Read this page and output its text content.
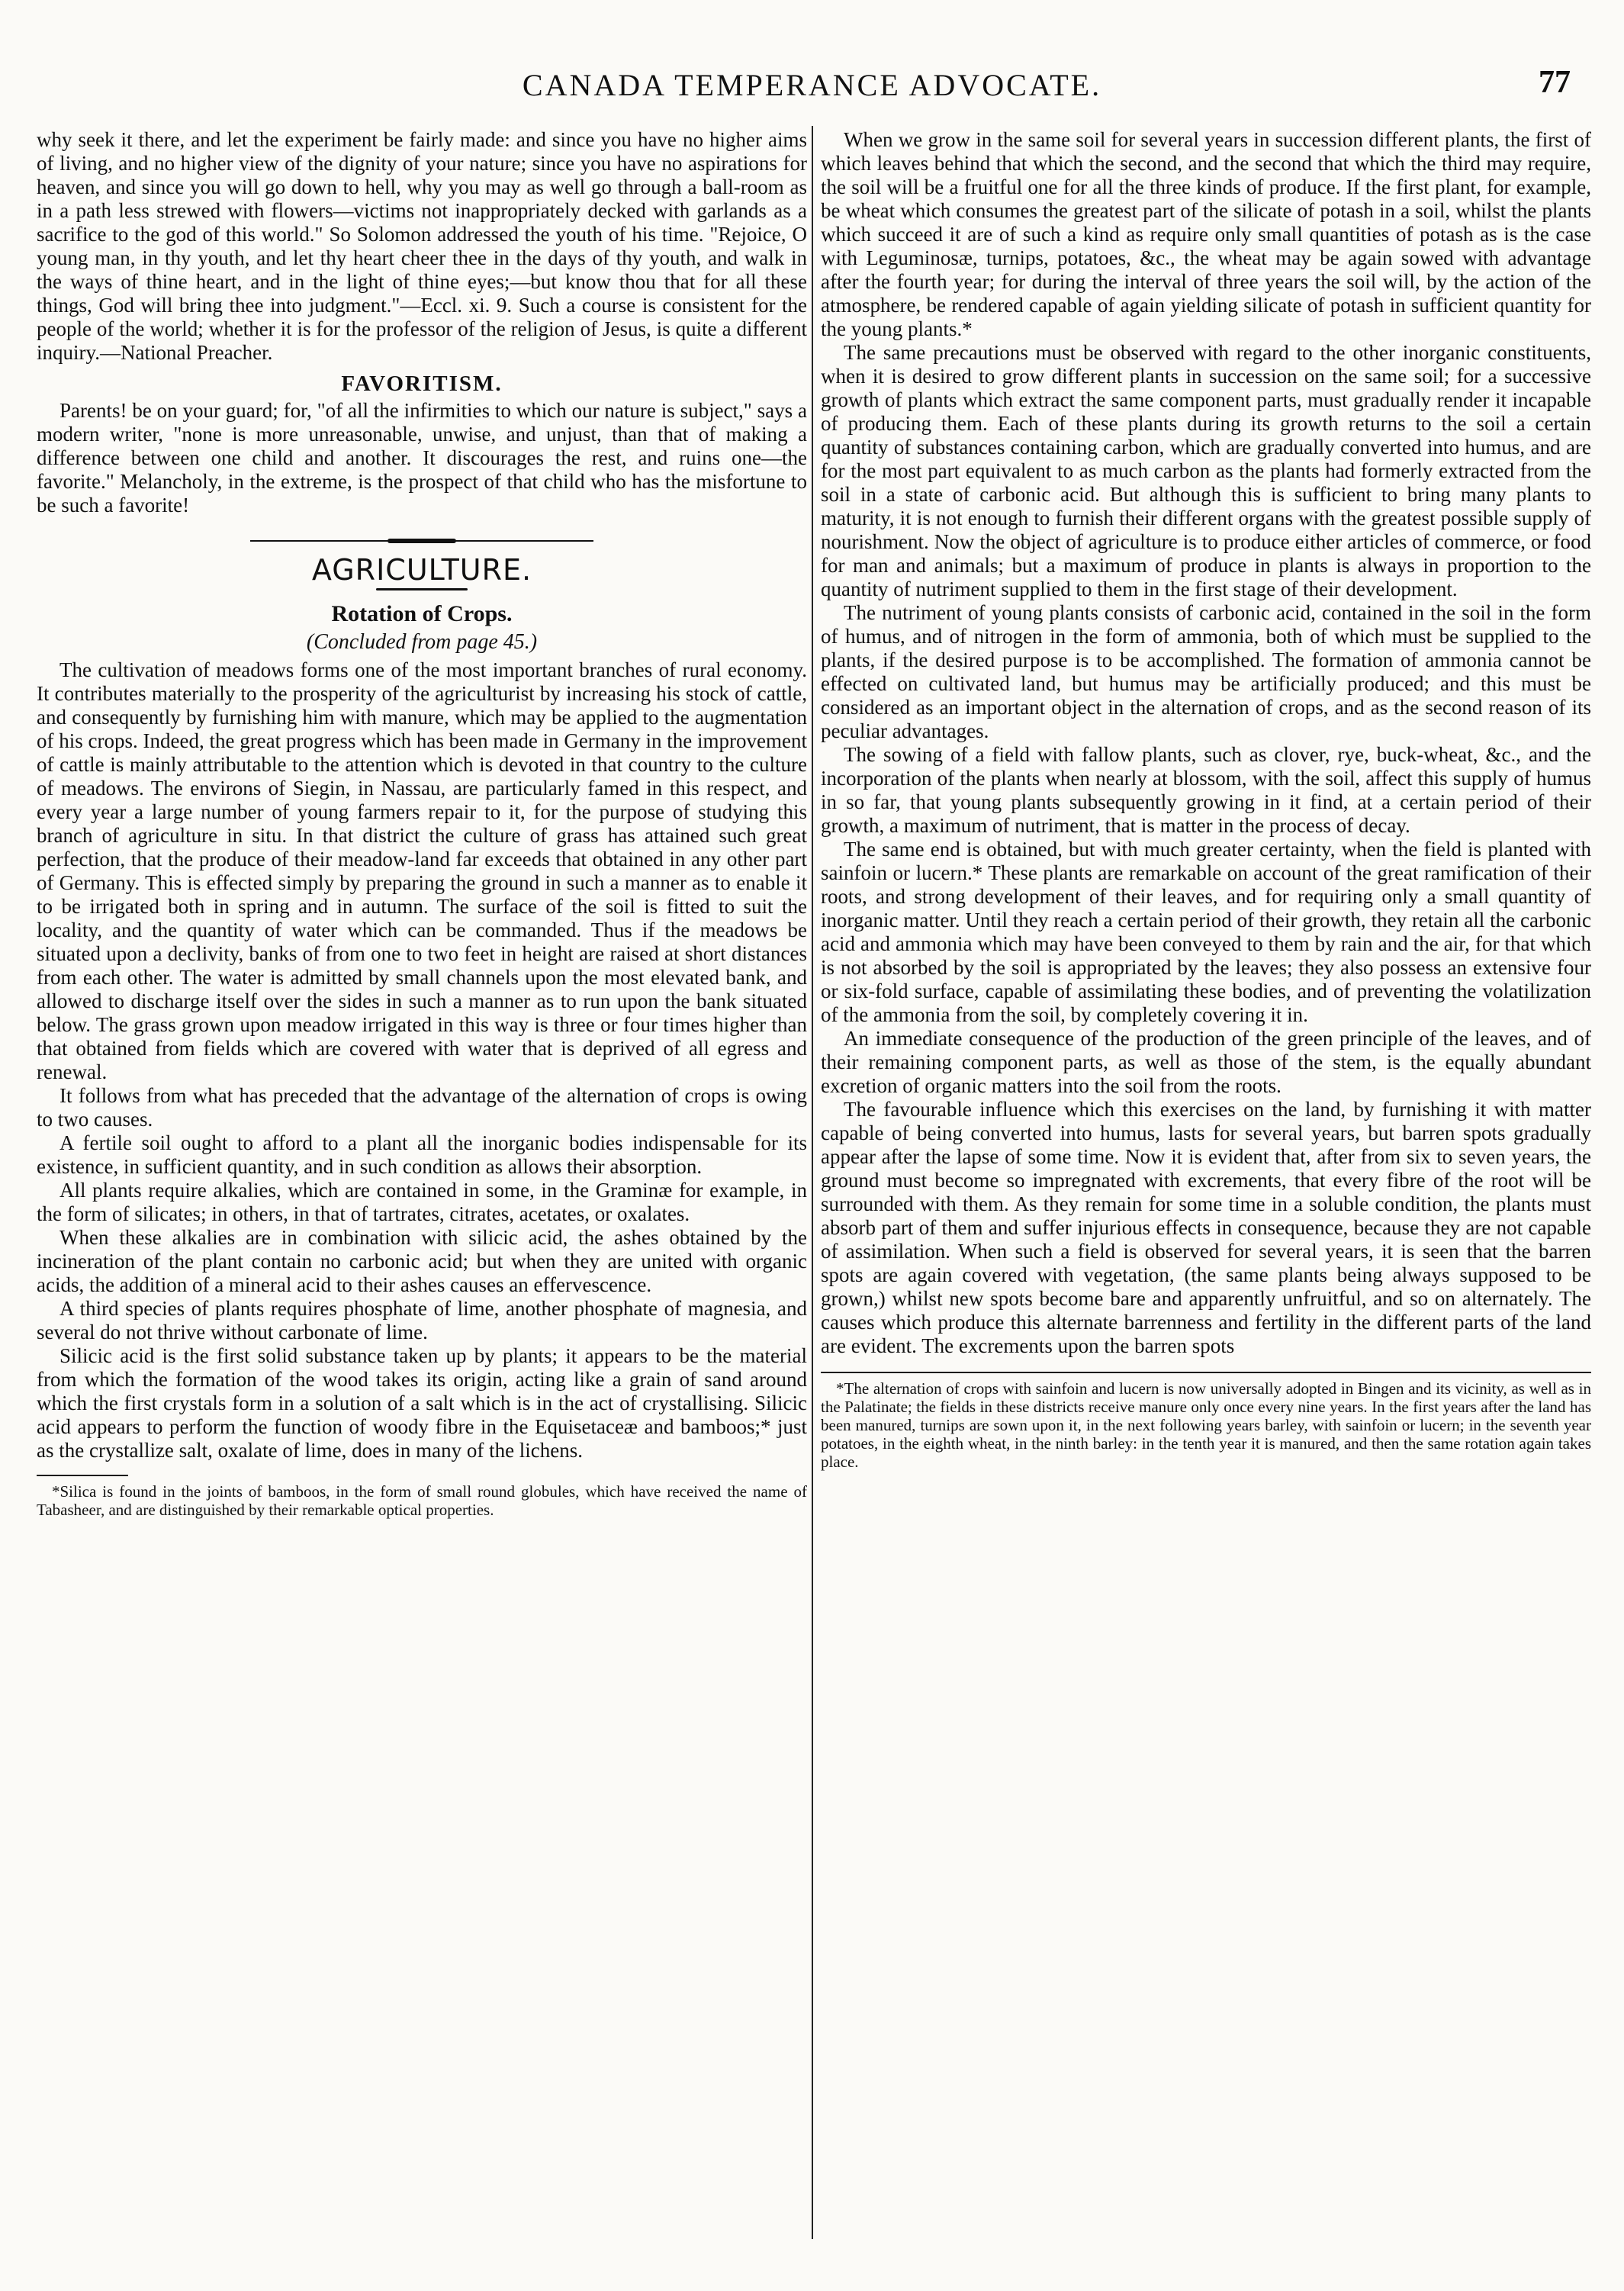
CANADA TEMPERANCE ADVOCATE.	77

why seek it there, and let the experiment be fairly made: and since you have no higher aims of living, and no higher view of the dignity of your nature; since you have no aspirations for heaven, and since you will go down to hell, why you may as well go through a ball-room as in a path less strewed with flowers—victims not inappropriately decked with garlands as a sacrifice to the god of this world." So Solomon addressed the youth of his time. "Rejoice, O young man, in thy youth, and let thy heart cheer thee in the days of thy youth, and walk in the ways of thine heart, and in the light of thine eyes;—but know thou that for all these things, God will bring thee into judgment."—Eccl. xi. 9. Such a course is consistent for the people of the world; whether it is for the professor of the religion of Jesus, is quite a different inquiry.—National Preacher.

FAVORITISM.

Parents! be on your guard; for, "of all the infirmities to which our nature is subject," says a modern writer, "none is more unreasonable, unwise, and unjust, than that of making a difference between one child and another. It discourages the rest, and ruins one—the favorite." Melancholy, in the extreme, is the prospect of that child who has the misfortune to be such a favorite!

AGRICULTURE.
Rotation of Crops.
(Concluded from page 45.)

The cultivation of meadows forms one of the most important branches of rural economy. It contributes materially to the prosperity of the agriculturist by increasing his stock of cattle, and consequently by furnishing him with manure, which may be applied to the augmentation of his crops. Indeed, the great progress which has been made in Germany in the improvement of cattle is mainly attributable to the attention which is devoted in that country to the culture of meadows. The environs of Siegin, in Nassau, are particularly famed in this respect, and every year a large number of young farmers repair to it, for the purpose of studying this branch of agriculture in situ. In that district the culture of grass has attained such great perfection, that the produce of their meadow-land far exceeds that obtained in any other part of Germany. This is effected simply by preparing the ground in such a manner as to enable it to be irrigated both in spring and in autumn. The surface of the soil is fitted to suit the locality, and the quantity of water which can be commanded. Thus if the meadows be situated upon a declivity, banks of from one to two feet in height are raised at short distances from each other. The water is admitted by small channels upon the most elevated bank, and allowed to discharge itself over the sides in such a manner as to run upon the bank situated below. The grass grown upon meadow irrigated in this way is three or four times higher than that obtained from fields which are covered with water that is deprived of all egress and renewal.

It follows from what has preceded that the advantage of the alternation of crops is owing to two causes.

A fertile soil ought to afford to a plant all the inorganic bodies indispensable for its existence, in sufficient quantity, and in such condition as allows their absorption.

All plants require alkalies, which are contained in some, in the Graminæ for example, in the form of silicates; in others, in that of tartrates, citrates, acetates, or oxalates.

When these alkalies are in combination with silicic acid, the ashes obtained by the incineration of the plant contain no carbonic acid; but when they are united with organic acids, the addition of a mineral acid to their ashes causes an effervescence.

A third species of plants requires phosphate of lime, another phosphate of magnesia, and several do not thrive without carbonate of lime.

Silicic acid is the first solid substance taken up by plants; it appears to be the material from which the formation of the wood takes its origin, acting like a grain of sand around which the first crystals form in a solution of a salt which is in the act of crystallising. Silicic acid appears to perform the function of woody fibre in the Equisetaceæ and bamboos;* just as the crystallize salt, oxalate of lime, does in many of the lichens.

*Silica is found in the joints of bamboos, in the form of small round globules, which have received the name of Tabasheer, and are distinguished by their remarkable optical properties.

When we grow in the same soil for several years in succession different plants, the first of which leaves behind that which the second, and the second that which the third may require, the soil will be a fruitful one for all the three kinds of produce. If the first plant, for example, be wheat which consumes the greatest part of the silicate of potash in a soil, whilst the plants which succeed it are of such a kind as require only small quantities of potash as is the case with Leguminosæ, turnips, potatoes, &c., the wheat may be again sowed with advantage after the fourth year; for during the interval of three years the soil will, by the action of the atmosphere, be rendered capable of again yielding silicate of potash in sufficient quantity for the young plants.*

The same precautions must be observed with regard to the other inorganic constituents, when it is desired to grow different plants in succession on the same soil; for a successive growth of plants which extract the same component parts, must gradually render it incapable of producing them. Each of these plants during its growth returns to the soil a certain quantity of substances containing carbon, which are gradually converted into humus, and are for the most part equivalent to as much carbon as the plants had formerly extracted from the soil in a state of carbonic acid. But although this is sufficient to bring many plants to maturity, it is not enough to furnish their different organs with the greatest possible supply of nourishment. Now the object of agriculture is to produce either articles of commerce, or food for man and animals; but a maximum of produce in plants is always in proportion to the quantity of nutriment supplied to them in the first stage of their development.

The nutriment of young plants consists of carbonic acid, contained in the soil in the form of humus, and of nitrogen in the form of ammonia, both of which must be supplied to the plants, if the desired purpose is to be accomplished. The formation of ammonia cannot be effected on cultivated land, but humus may be artificially produced; and this must be considered as an important object in the alternation of crops, and as the second reason of its peculiar advantages.

The sowing of a field with fallow plants, such as clover, rye, buck-wheat, &c., and the incorporation of the plants when nearly at blossom, with the soil, affect this supply of humus in so far, that young plants subsequently growing in it find, at a certain period of their growth, a maximum of nutriment, that is matter in the process of decay.

The same end is obtained, but with much greater certainty, when the field is planted with sainfoin or lucern.* These plants are remarkable on account of the great ramification of their roots, and strong development of their leaves, and for requiring only a small quantity of inorganic matter. Until they reach a certain period of their growth, they retain all the carbonic acid and ammonia which may have been conveyed to them by rain and the air, for that which is not absorbed by the soil is appropriated by the leaves; they also possess an extensive four or six-fold surface, capable of assimilating these bodies, and of preventing the volatilization of the ammonia from the soil, by completely covering it in.

An immediate consequence of the production of the green principle of the leaves, and of their remaining component parts, as well as those of the stem, is the equally abundant excretion of organic matters into the soil from the roots.

The favourable influence which this exercises on the land, by furnishing it with matter capable of being converted into humus, lasts for several years, but barren spots gradually appear after the lapse of some time. Now it is evident that, after from six to seven years, the ground must become so impregnated with excrements, that every fibre of the root will be surrounded with them. As they remain for some time in a soluble condition, the plants must absorb part of them and suffer injurious effects in consequence, because they are not capable of assimilation. When such a field is observed for several years, it is seen that the barren spots are again covered with vegetation, (the same plants being always supposed to be grown,) whilst new spots become bare and apparently unfruitful, and so on alternately. The causes which produce this alternate barrenness and fertility in the different parts of the land are evident. The excrements upon the barren spots

*The alternation of crops with sainfoin and lucern is now universally adopted in Bingen and its vicinity, as well as in the Palatinate; the fields in these districts receive manure only once every nine years. In the first years after the land has been manured, turnips are sown upon it, in the next following years barley, with sainfoin or lucern; in the seventh year potatoes, in the eighth wheat, in the ninth barley: in the tenth year it is manured, and then the same rotation again takes place.
